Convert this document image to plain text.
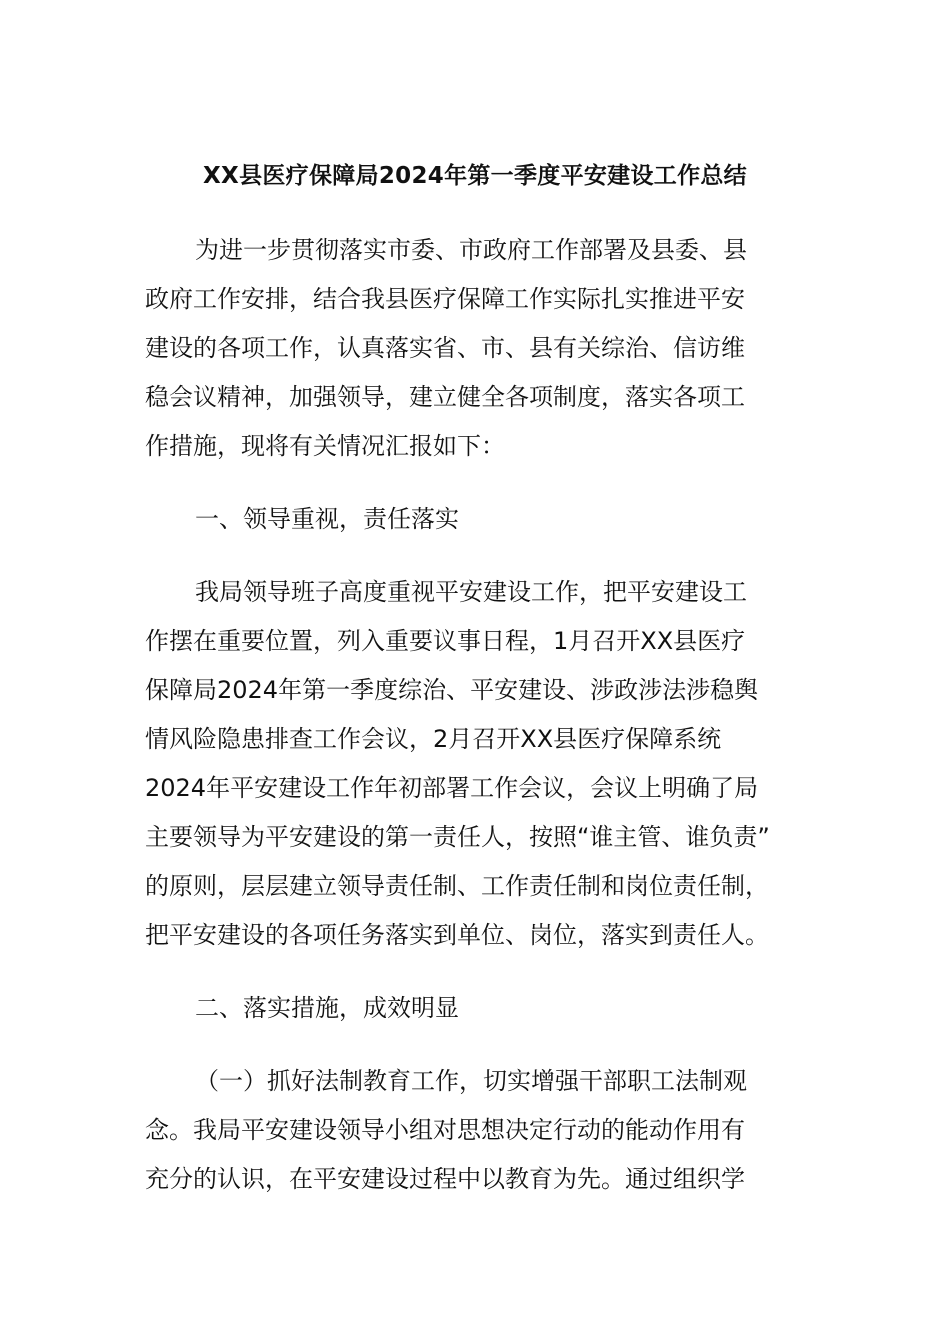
XX县医疗保障局2024年第一季度平安建设工作总结
为进一步贯彻落实市委、市政府工作部署及县委、县
政府工作安排，结合我县医疗保障工作实际扎实推进平安
建设的各项工作，认真落实省、市、县有关综治、信访维
稳会议精神，加强领导，建立健全各项制度，落实各项工
作措施，现将有关情况汇报如下：
一、领导重视，责任落实
我局领导班子高度重视平安建设工作，把平安建设工
作摆在重要位置，列入重要议事日程，1月召开XX县医疗
保障局2024年第一季度综治、平安建设、涉政涉法涉稳舆
情风险隐患排查工作会议，2月召开XX县医疗保障系统
2024年平安建设工作年初部署工作会议，会议上明确了局
主要领导为平安建设的第一责任人，按照“谁主管、谁负责”
的原则，层层建立领导责任制、工作责任制和岗位责任制，
把平安建设的各项任务落实到单位、岗位，落实到责任人。
二、落实措施，成效明显
（一）抓好法制教育工作，切实增强干部职工法制观
念。我局平安建设领导小组对思想决定行动的能动作用有
充分的认识，在平安建设过程中以教育为先。通过组织学
